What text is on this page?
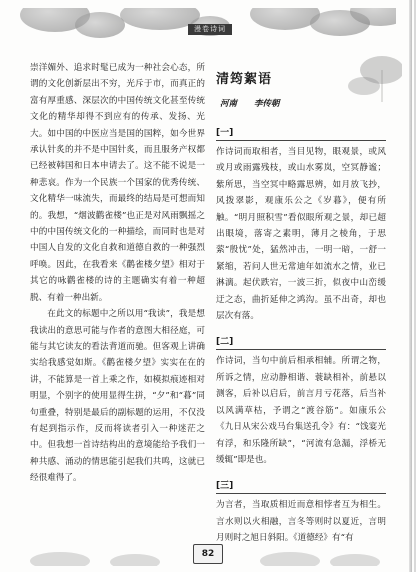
漫卷诗词

崇洋媚外、追求时髦已成为一种社会心态，所谓的文化创新层出不穷，光斥于市，而真正的富有厚重感、深层次的中国传统文化甚至传统文化的精华却得不到应有的传承、发扬、光大。如中国的中医应当是国的国粹，如今世界承认针炙的并不是中国针炙，而且服务产权都已经被韩国和日本申请去了。这不能不说是一种悲哀。作为一个民族一个国家的优秀传统、文化精华一味流失，而最终的结局是可想而知的。我想，“烟波鹳雀楼”也正是对风雨飘摇之中的中国传统文化的一种描绘，而同时也是对中国人自发的文化自救和道德自救的一种强烈呼唤。因此，在我看来《鹳雀楼夕望》相对于其它的咏鹳雀楼的诗的主题确实有着一种超脱、有着一种出新。

在此文的标题中之所以用“我读”，我是想我读出的意思可能与作者的意图大相径庭，可能与其它读友的看法背道而驰。但客观上讲确实给我感觉如斯。《鹳雀楼夕望》实实在在的讲，不能算是一首上乘之作，如模拟痕迹相对明显，个别字的使用显得生拼，“夕”和“暮”同句重叠，特别是最后的副标题的运用，不仅没有起到指示作，反而将读者引入一种迷茫之中。但我想一首诗结构出的意境能给予我们一种共感、涌动的情思能引起我们共鸣，这就已经很难得了。

清筠絮语
河南 李传朝
[一]

作诗词而取相者，当目见物，眼观景，或风或月或雨露残枝，或山水雾岚，空冥静谧；紫所思，当空冥中略露思辨，如月放飞抄，风拨翠影，观康乐公之《岁暮》，便有所触。“明月照积雪”看似眼所观之景，却已超出眼境，落寄之素明，薄月之棱角，于思萦“殷忧”处，猛然冲击，一明一暗，一舒一紧缩，若问人世无常迪年如流水之情，业已淋漓。起伏跌宕，一波三折，似夜中山峦缓迂之态，曲折延伸之鸿沟。虽不出奇，却也层次有落。

[二]

作诗词，当句中前后相承相辅。所谓之物，所诉之情，应动静相谐、蓑缺相补，前悬以测客，后补以启后，前言月亏花落，后当补以风满草枯，予谓之“渡谷筋”。如康乐公《九日从宋公戏马台集送孔令》有：“饯宴光有浮，和乐隆所缺”，“河流有急漏，浮桥无缓辄”即是也。

[三]

为言者，当取质相近而意相悖者互为相生。言水则以火相融，言冬等则时以夏近，言明月则时之旭日斜阳。《道德经》有“有

82
